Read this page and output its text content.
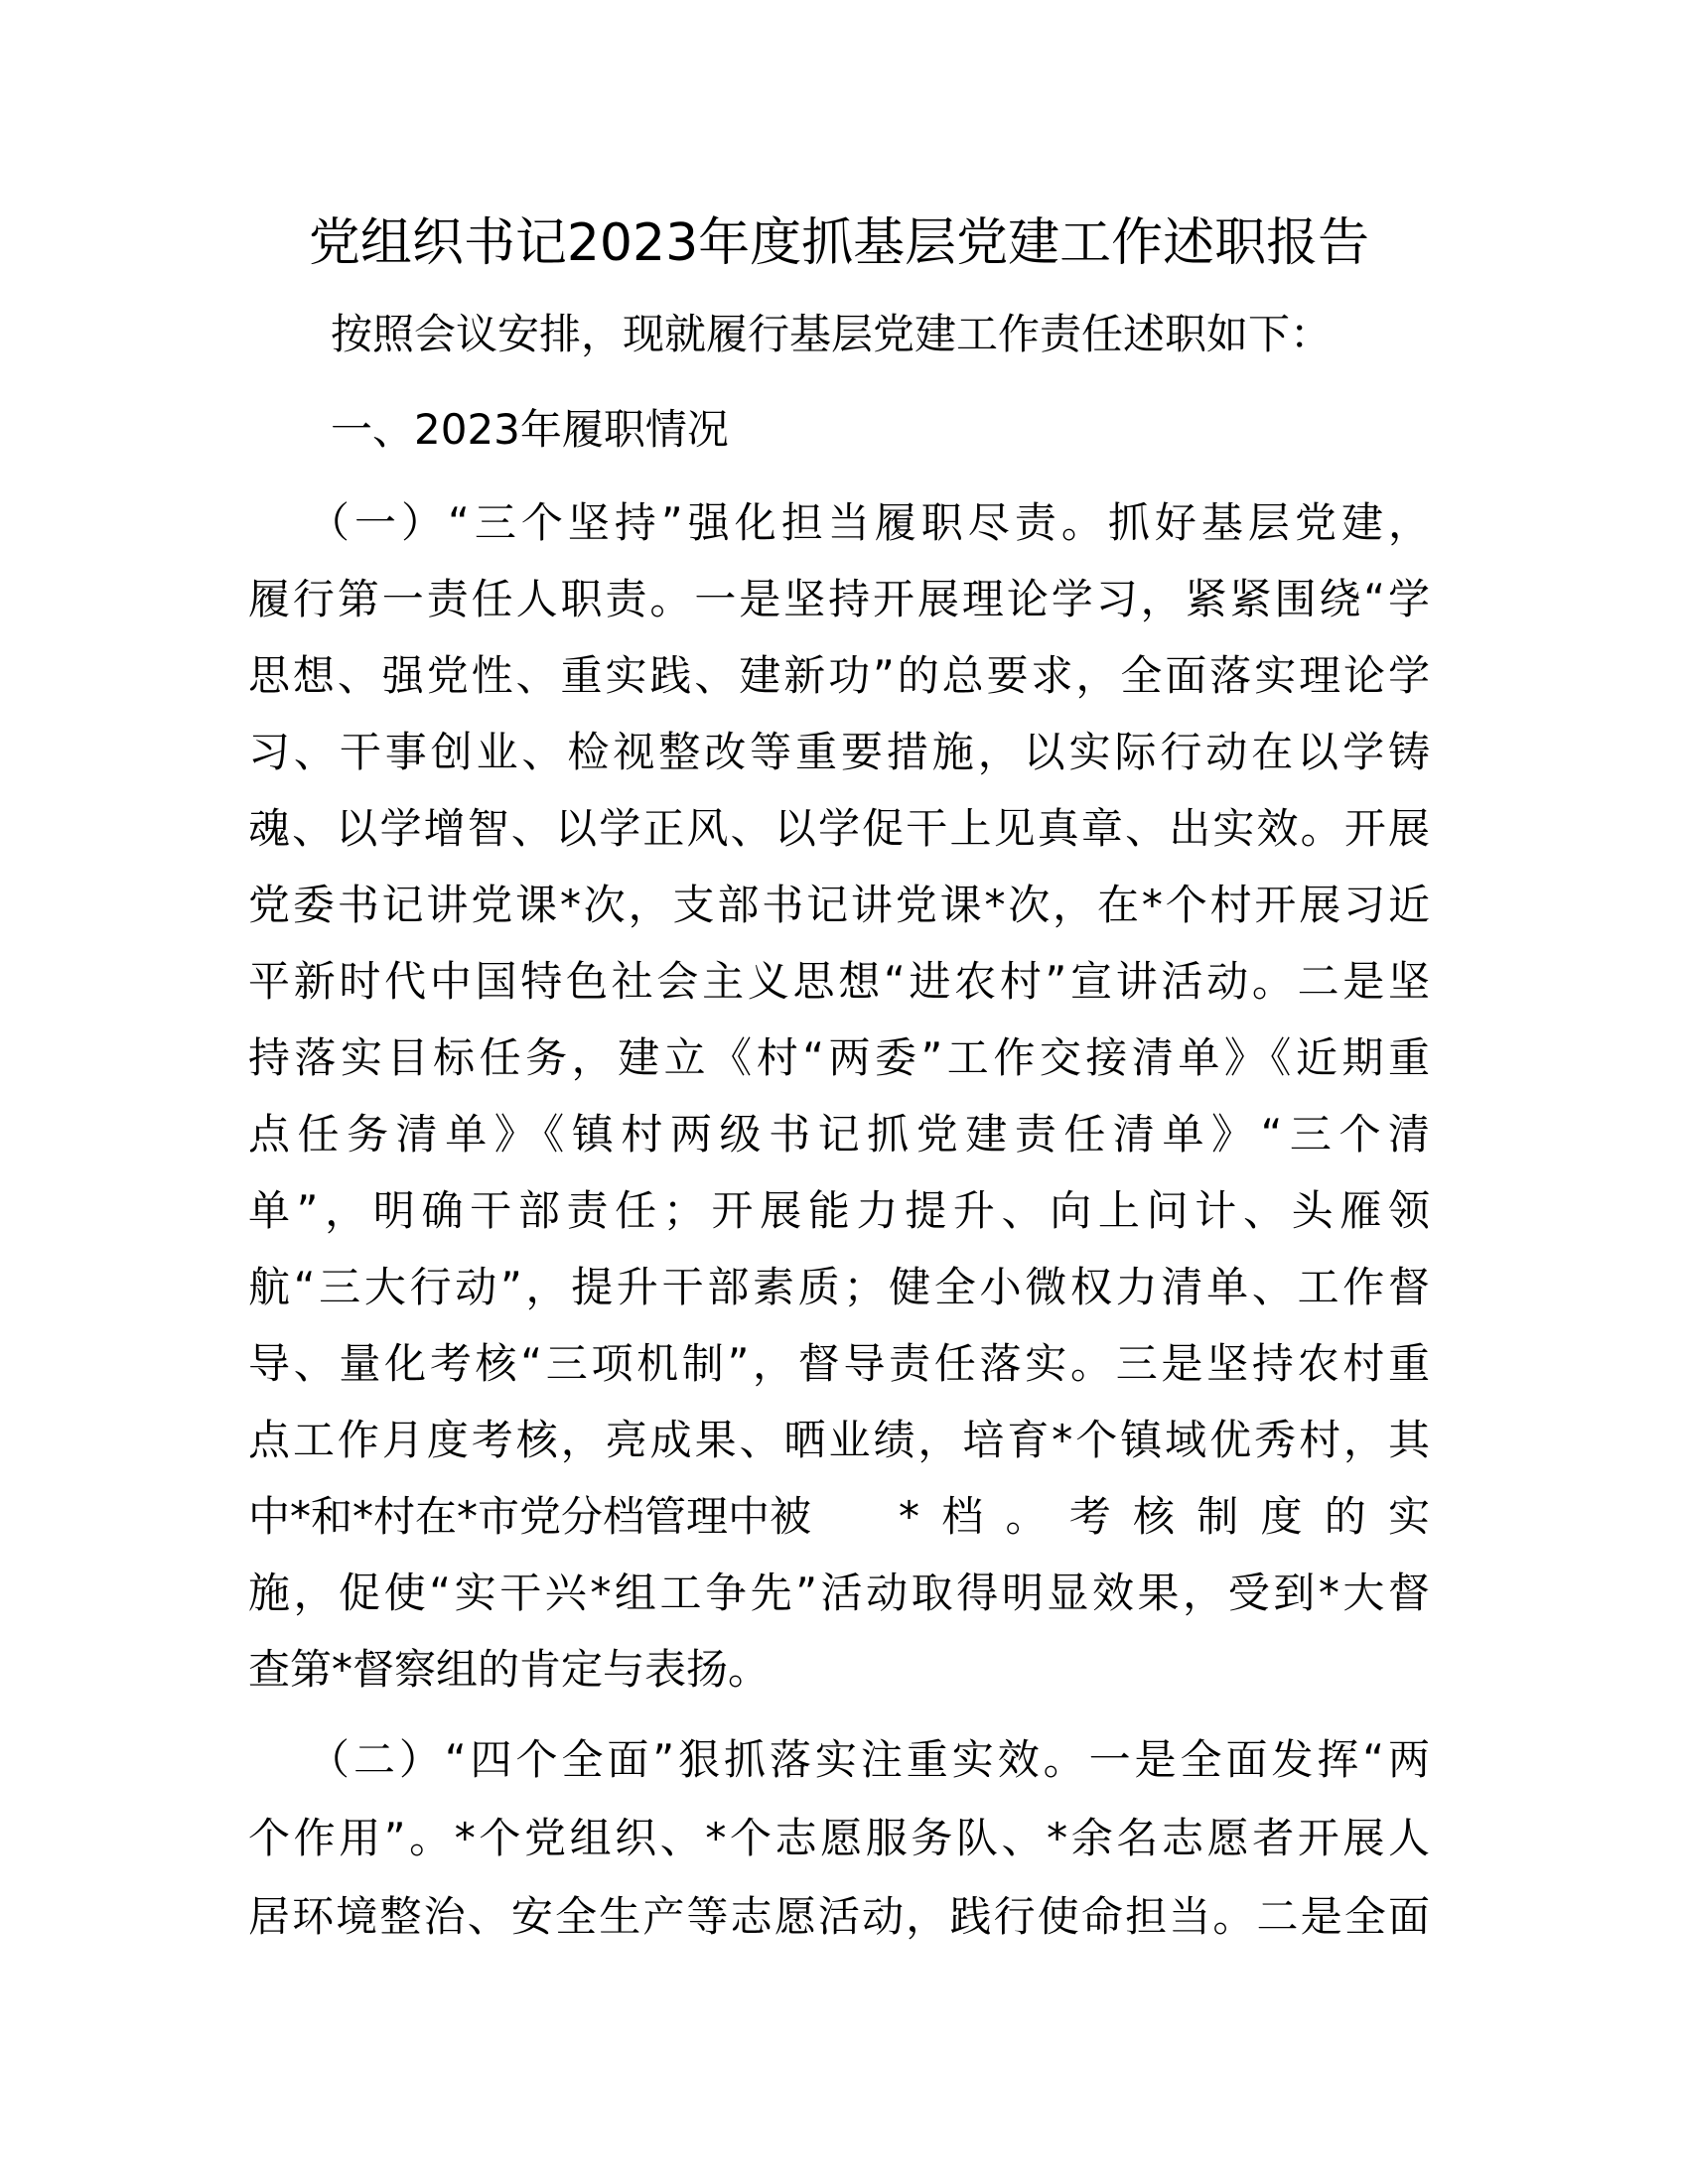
党组织书记2023年度抓基层党建工作述职报告
按照会议安排，现就履行基层党建工作责任述职如下：
一、2023年履职情况
（一）“三个坚持”强化担当履职尽责。抓好基层党建，
履行第一责任人职责。一是坚持开展理论学习，紧紧围绕“学
思想、强党性、重实践、建新功”的总要求，全面落实理论学
习、干事创业、检视整改等重要措施，以实际行动在以学铸
魂、以学增智、以学正风、以学促干上见真章、出实效。开展
党委书记讲党课*次，支部书记讲党课*次，在*个村开展习近
平新时代中国特色社会主义思想“进农村”宣讲活动。二是坚
持落实目标任务，建立《村“两委”工作交接清单》《近期重
点任务清单》《镇村两级书记抓党建责任清单》“三个清
单”，明确干部责任；开展能力提升、向上问计、头雁领
航“三大行动”，提升干部素质；健全小微权力清单、工作督
导、量化考核“三项机制”，督导责任落实。三是坚持农村重
点工作月度考核，亮成果、晒业绩，培育*个镇域优秀村，其
中*和*村在*市党分档管理中被 *档。考核制度的实
施，促使“实干兴*组工争先”活动取得明显效果，受到*大督
查第*督察组的肯定与表扬。
（二）“四个全面”狠抓落实注重实效。一是全面发挥“两
个作用”。*个党组织、*个志愿服务队、*余名志愿者开展人
居环境整治、安全生产等志愿活动，践行使命担当。二是全面
